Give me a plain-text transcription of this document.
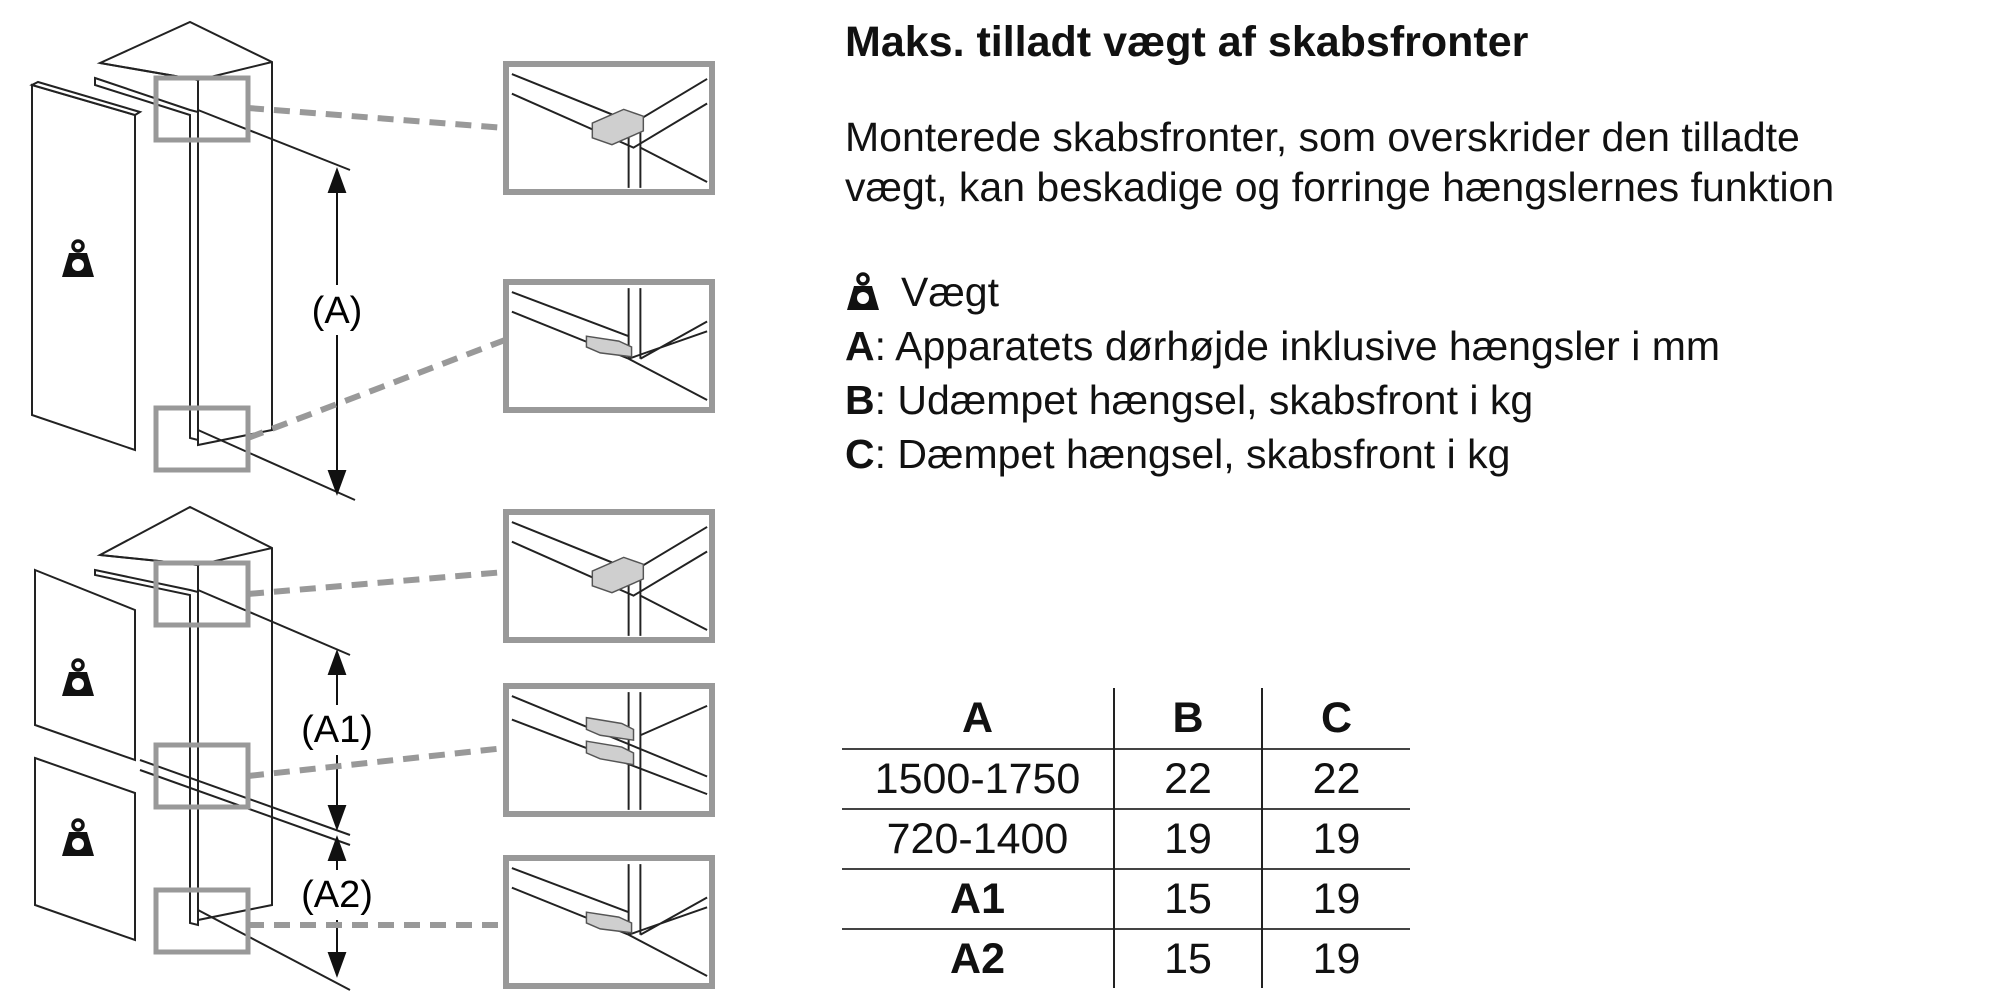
(A)
(A1)
(A2)
Maks. tilladt vægt af skabsfronter
Monterede skabsfronter, som overskrider den tilladte
vægt, kan beskadige og forringe hængslernes funktion
Vægt
A : Apparatets dørhøjde inklusive hængsler i mm
B : Udæmpet hængsel, skabsfront i kg
C : Dæmpet hængsel, skabsfront i kg
A	B	C
1500-1750	22	22
720-1400	19	19
A1	15	19
A2	15	19
